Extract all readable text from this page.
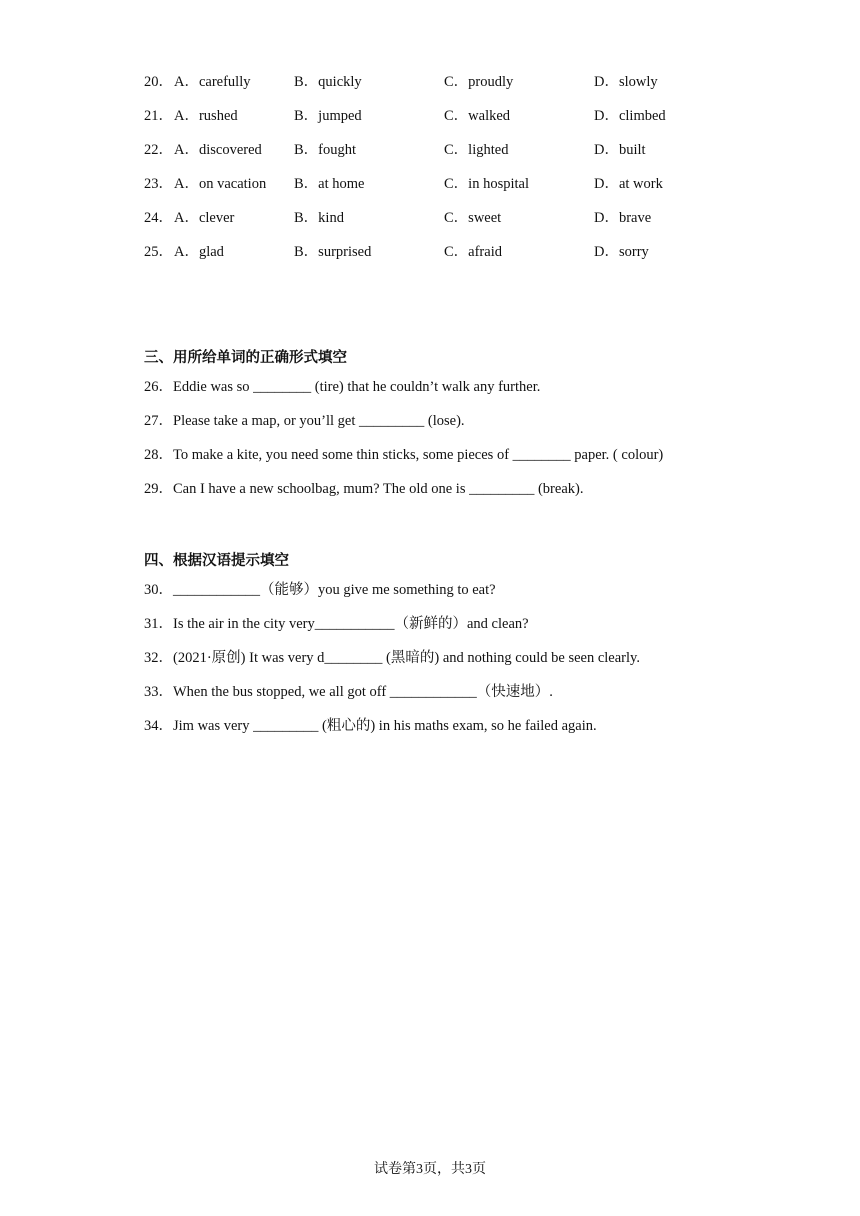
20． A．carefully	B．quickly	C．proudly	D．slowly
21． A．rushed	B．jumped	C．walked	D．climbed
22． A．discovered B．fought	C．lighted	D．built
23． A．on vacation B．at home	C．in hospital	D．at work
24． A．clever	B．kind	C．sweet	D．brave
25． A．glad	B．surprised	C．afraid	D．sorry
三、用所给单词的正确形式填空
26．Eddie was so ________ (tire) that he couldn’t walk any further.
27．Please take a map, or you’ll get _________ (lose).
28．To make a kite, you need some thin sticks, some pieces of ________ paper. ( colour)
29．Can I have a new schoolbag, mum? The old one is _________ (break).
四、根据汉语提示填空
30．____________（能够）you give me something to eat?
31．Is the air in the city very___________（新鲜的）and clean?
32．(2021·原创) It was very d________ (黑暗的) and nothing could be seen clearly.
33．When the bus stopped, we all got off ____________（快速地）.
34．Jim was very _________ (粗心的) in his maths exam, so he failed again.
试卷第3页，共3页
